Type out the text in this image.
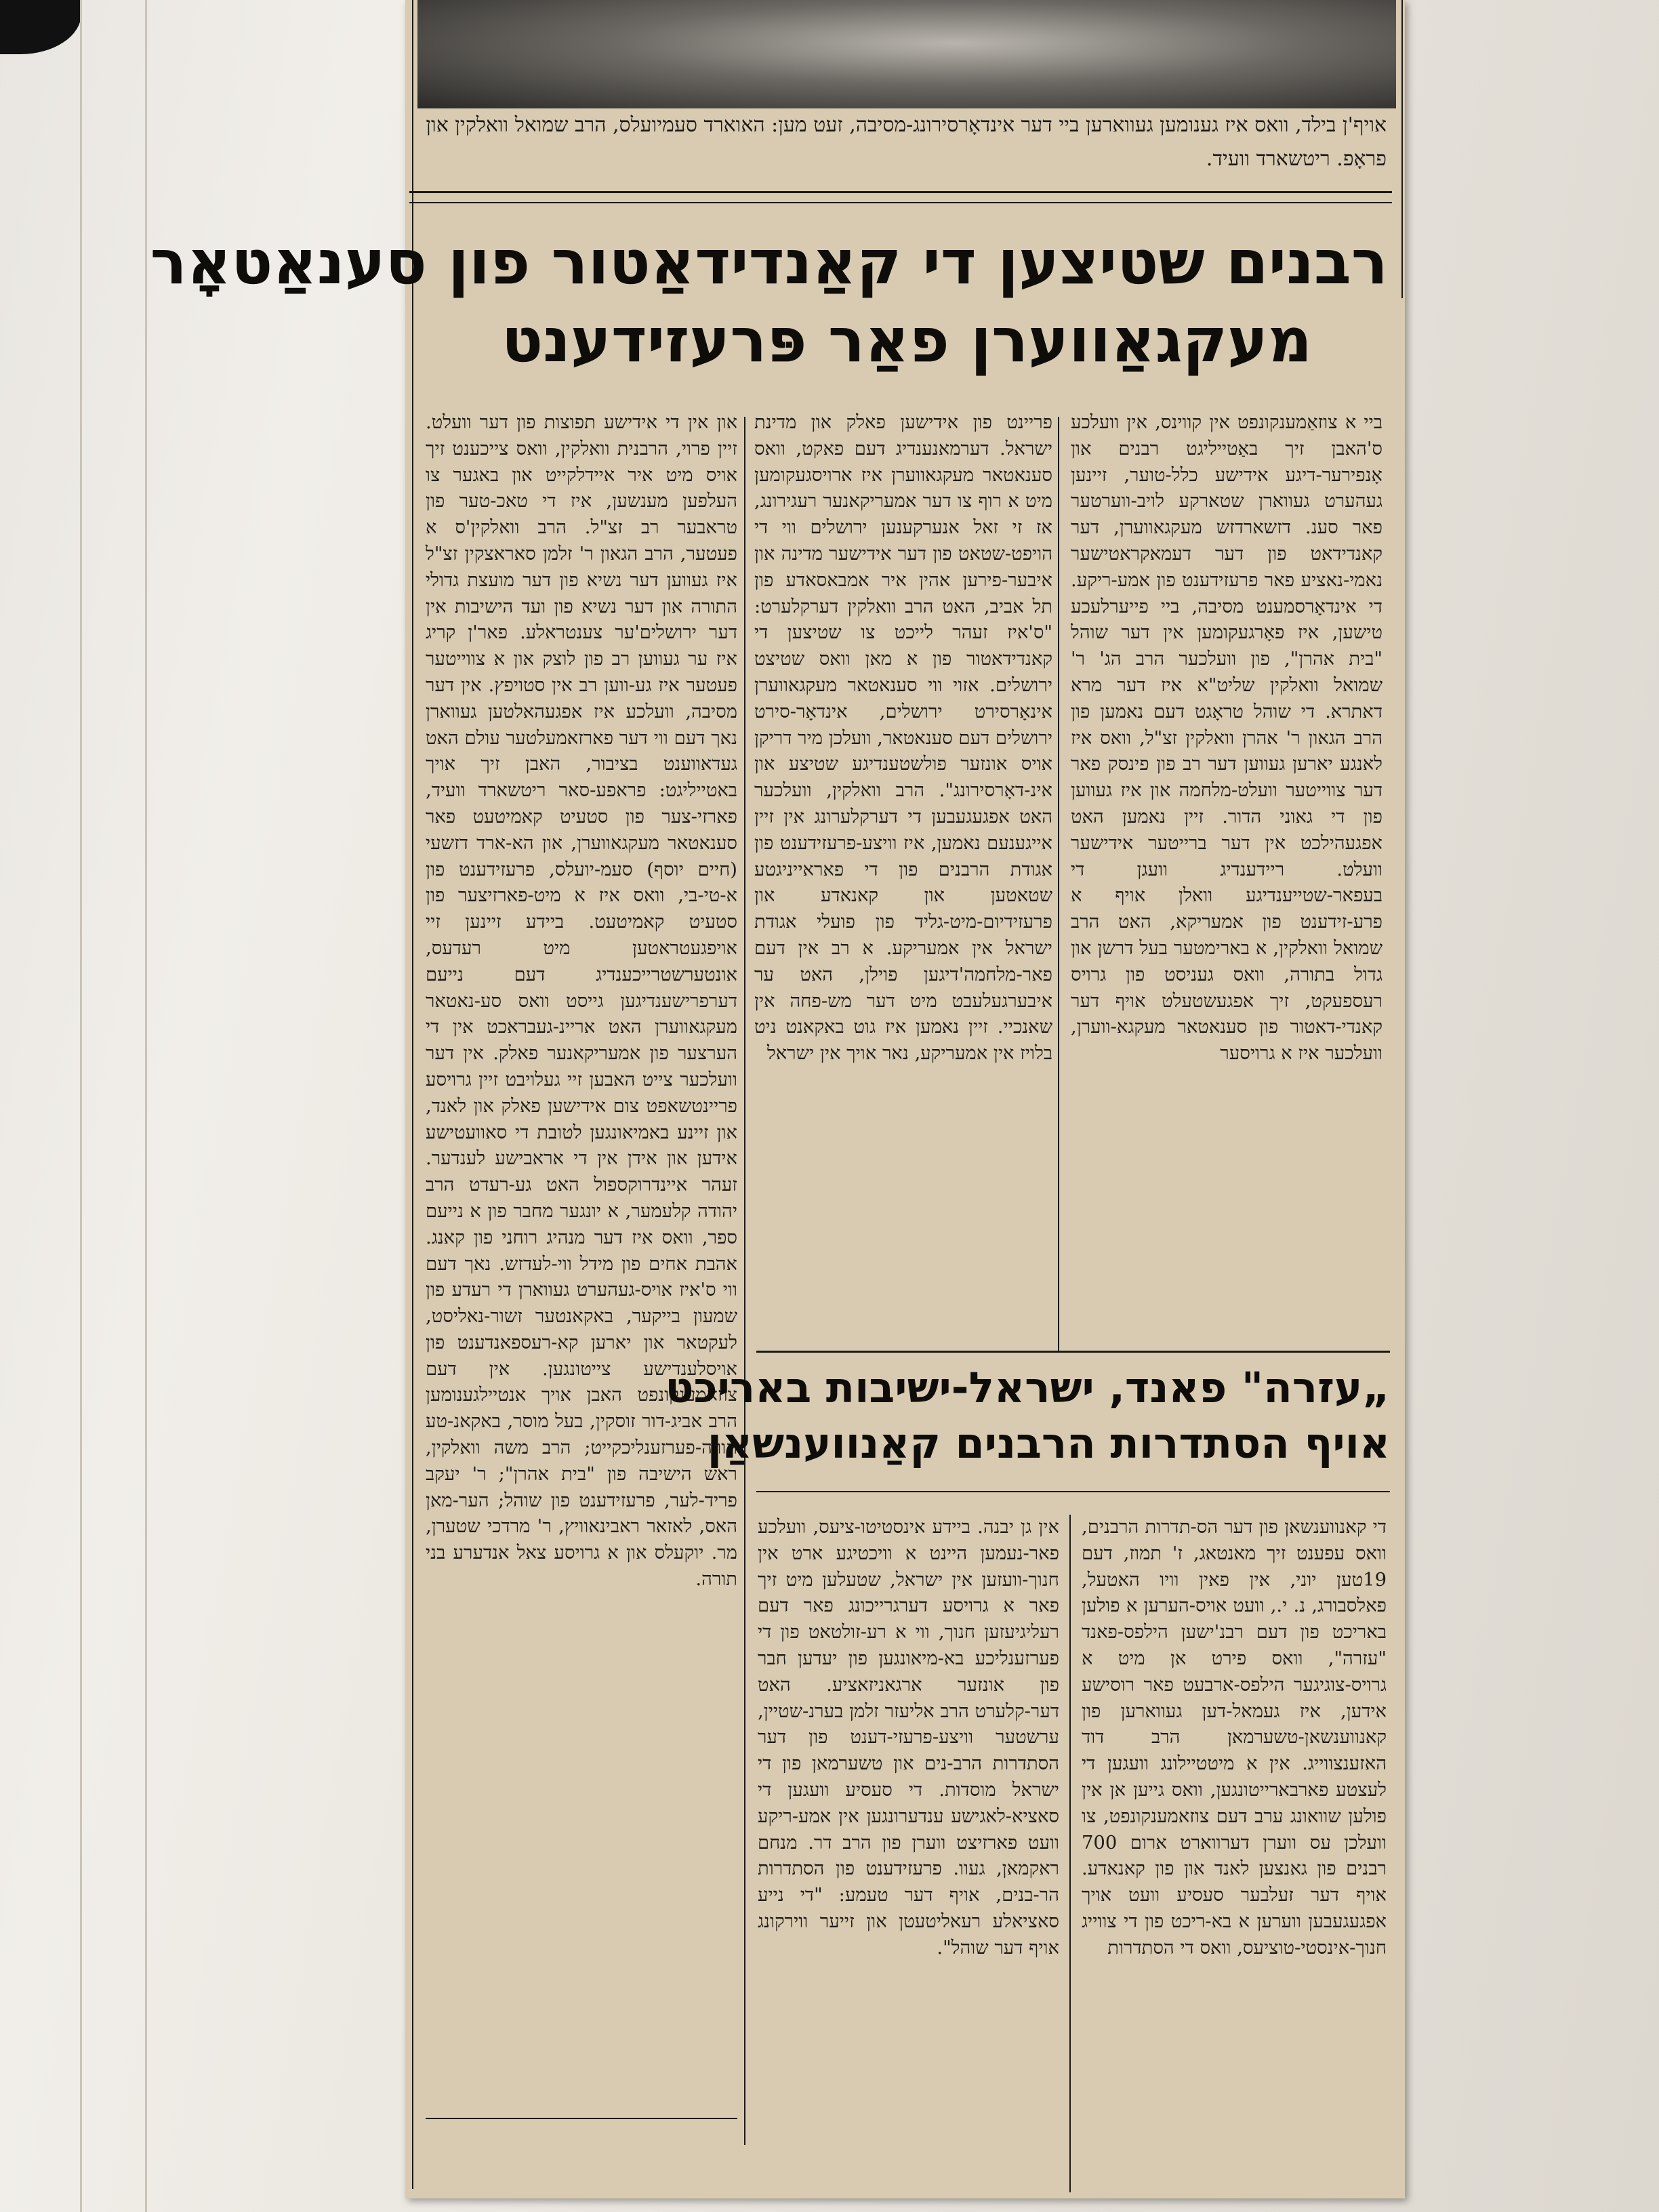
אויף'ן בילד, וואס איז גענומען געווארען ביי דער אינדאָרסירונג-מסיבה, זעט מען: האוארד סעמיועלס, הרב שמואל וואלקין און פראָפ. ריטשארד וועיד.
רבנים שטיצען די קאַנדידאַטור פון סענאַטאָר
מעקגאַווערן פאַר פּרעזידענט

ביי א צוזאַמענקונפט אין קווינס, אין וועלכע ס'האבן זיך באַטייליגט רבנים און אָנפירער-דיגע אידישע כלל-טוער, זיינען געהערט געווארן שטארקע לויב-ווערטער פאר סענ. דזשארדזש מעקגאווערן, דער קאנדידאט פון דער דעמאקראטישער נאמי-נאציע פאר פרעזידענט פון אמע-ריקע. די אינדאָרסמענט מסיבה, ביי פייערלעכע טישען, איז פאָרגעקומען אין דער שוהל "בית אהרן", פון וועלכער הרב הג' ר' שמואל וואלקין שליט"א איז דער מרא דאתרא. די שוהל טראָגט דעם נאמען פון הרב הגאון ר' אהרן וואלקין זצ"ל, וואס איז לאנגע יארען געווען דער רב פון פינסק פאר דער צווייטער וועלט-מלחמה און איז געווען פון די גאוני הדור. זיין נאמען האט אפגעהילכט אין דער ברייטער אידישער וועלט. ריידענדיג וועגן די בעפאר-שטייענדיגע וואלן אויף א פרע-זידענט פון אמעריקא, האט הרב שמואל וואלקין, א בארימטער בעל דרשן און גדול בתורה, וואס געניסט פון גרויס רעספעקט, זיך אפגעשטעלט אויף דער קאנדי-דאטור פון סענאטאר מעקגא-ווערן, וועלכער איז א גרויסער

פריינט פון אידישען פאלק און מדינת ישראל. דערמאנענדיג דעם פאקט, וואס סענאטאר מעקגאווערן איז ארויסגעקומען מיט א רוף צו דער אמעריקאנער רעגירונג, אז זי זאל אנערקענען ירושלים ווי די הויפט-שטאט פון דער אידישער מדינה און איבער-פירען אהין איר אמבאסאדע פון תל אביב, האט הרב וואלקין דערקלערט: "ס'איז זעהר לייכט צו שטיצען די קאנדידאטור פון א מאן וואס שטיצט ירושלים. אזוי ווי סענאטאר מעקגאווערן אינאָרסירט ירושלים, אינדאָר-סירט ירושלים דעם סענאטאר, וועלכן מיר דריקן אויס אונזער פולשטענדיגע שטיצע און אינ-דאָרסירונג". הרב וואלקין, וועלכער האט אפגעגעבען די דערקלערונג אין זיין אייגענעם נאמען, איז וויצע-פרעזידענט פון אגודת הרבנים פון די פאראייניגטע שטאטען און קאנאדע און פרעזידיום-מיט-גליד פון פועלי אגודת ישראל אין אמעריקע. א רב אין דעם פאר-מלחמה'דיגען פוילן, האט ער איבערגעלעבט מיט דער מש-פחה אין שאנכיי. זיין נאמען איז גוט באקאנט ניט בלויז אין אמעריקע, נאר אויך אין ישראל

און אין די אידישע תפוצות פון דער וועלט. זיין פרוי, הרבנית וואלקין, וואס צייכענט זיך אויס מיט איר איידלקייט און באגער צו העלפען מענשען, איז די טאכ-טער פון טראבער רב זצ"ל. הרב וואלקין'ס א פעטער, הרב הגאון ר' זלמן סאראצקין זצ"ל איז געווען דער נשיא פון דער מועצת גדולי התורה און דער נשיא פון ועד הישיבות אין דער ירושלים'ער צענטראלע. פאר'ן קריג איז ער געווען רב פון לוצק און א צווייטער פעטער איז גע-ווען רב אין סטויפץ. אין דער מסיבה, וועלכע איז אפגעהאלטען געווארן נאך דעם ווי דער פארזאמעלטער עולם האט געדאווענט בציבור, האבן זיך אויך באטייליגט: פראפע-סאר ריטשארד וועיד, פארזי-צער פון סטעיט קאמיטעט פאר סענאטאר מעקגאווערן, און הא-ארד דזשעי (חיים יוסף) סעמ-יועלס, פרעזידענט פון א-טי-בי, וואס איז א מיט-פארזיצער פון סטעיט קאמיטעט. ביידע זיינען זיי אויפגעטראטען מיט רעדעס, אונטערשטרייכענדיג דעם נייעם דערפרישענדיגען גייסט וואס סע-נאטאר מעקגאווערן האט אריינ-געבראכט אין די הערצער פון אמעריקאנער פאלק. אין דער וועלכער צייט האבען זיי געלויבט זיין גרויסע פריינטשאפט צום אידישען פאלק און לאנד, און זיינע באמיאונגען לטובת די סאוועטישע אידען און אידן אין די אראבישע לענדער. זעהר איינדרוקספול האט גע-רעדט הרב יהודה קלעמער, א יונגער מחבר פון א נייעם ספר, וואס איז דער מנהיג רוחני פון קאנג. אהבת אחים פון מידל ווי-לעדזש. נאך דעם ווי ס'איז אויס-געהערט געווארן די רעדע פון שמעון בייקער, באקאנטער זשור-נאליסט, לעקטאר און יארען קא-רעספאנדענט פון אויסלענדישע צייטונגען. אין דעם צוזאמענקונפט האבן אויך אנטיילגענומען הרב אביג-דור זוסקין, בעל מוסר, באקאנ-טע תורה-פערזענליכקייט; הרב משה וואלקין, ראש הישיבה פון "בית אהרן"; ר' יעקב פריד-לער, פרעזידענט פון שוהל; הער-מאן האס, לאזאר ראבינאוויץ, ר' מרדכי שטערן, מר. יוקעלס און א גרויסע צאל אנדערע בני תורה.

„עזרה" פאנד, ישראל-ישיבות באריכט
אויף הסתדרות הרבנים קאַנווענשאַן

די קאנווענשאן פון דער הס-תדרות הרבנים, וואס עפענט זיך מאנטאג, ז' תמוז, דעם 19טען יוני, אין פאין וויו האטעל, פאלסבורג, נ. י., וועט אויס-הערען א פולען באריכט פון דעם רבנ'ישען הילפס-פאנד "עזרה", וואס פירט אן מיט א גרויס-צוגיגער הילפס-ארבעט פאר רוסישע אידען, איז געמאל-דען געווארען פון קאנווענשאן-טשערמאן הרב דוד האזענצווייג. אין א מיטטיילונג וועגען די לעצטע פארבארייטונגען, וואס גייען אן אין פולען שוואונג ערב דעם צוזאמענקונפט, צו וועלכן עס ווערן דערווארט ארום 700 רבנים פון גאנצען לאנד און פון קאנאדע. אויף דער זעלבער סעסיע וועט אויך אפגעגעבען ווערען א בא-ריכט פון די צווייג חנוך-אינסטי-טוציעס, וואס די הסתדרות

אין גן יבנה. ביידע אינסטיטו-ציעס, וועלכע פאר-נעמען היינט א וויכטיגע ארט אין חנוך-וועזען אין ישראל, שטעלען מיט זיך פאר א גרויסע דערגרייכונג פאר דעם רעליגיעזען חנוך, ווי א רע-זולטאט פון די פערזענליכע בא-מיאונגען פון יעדען חבר פון אונזער ארגאניזאציע. האט דער-קלערט הרב אליעזר זלמן בערנ-שטיין, ערשטער וויצע-פרעזי-דענט פון דער הסתדרות הרב-נים און טשערמאן פון די ישראל מוסדות. די סעסיע וועגען די סאציא-לאגישע ענדערונגען אין אמע-ריקע וועט פארזיצט ווערן פון הרב דר. מנחם ראקמאן, געוו. פרעזידענט פון הסתדרות הר-בנים, אויף דער טעמע: "די נייע סאציאלע רעאליטעטן און זייער ווירקונג אויף דער שוהל".
